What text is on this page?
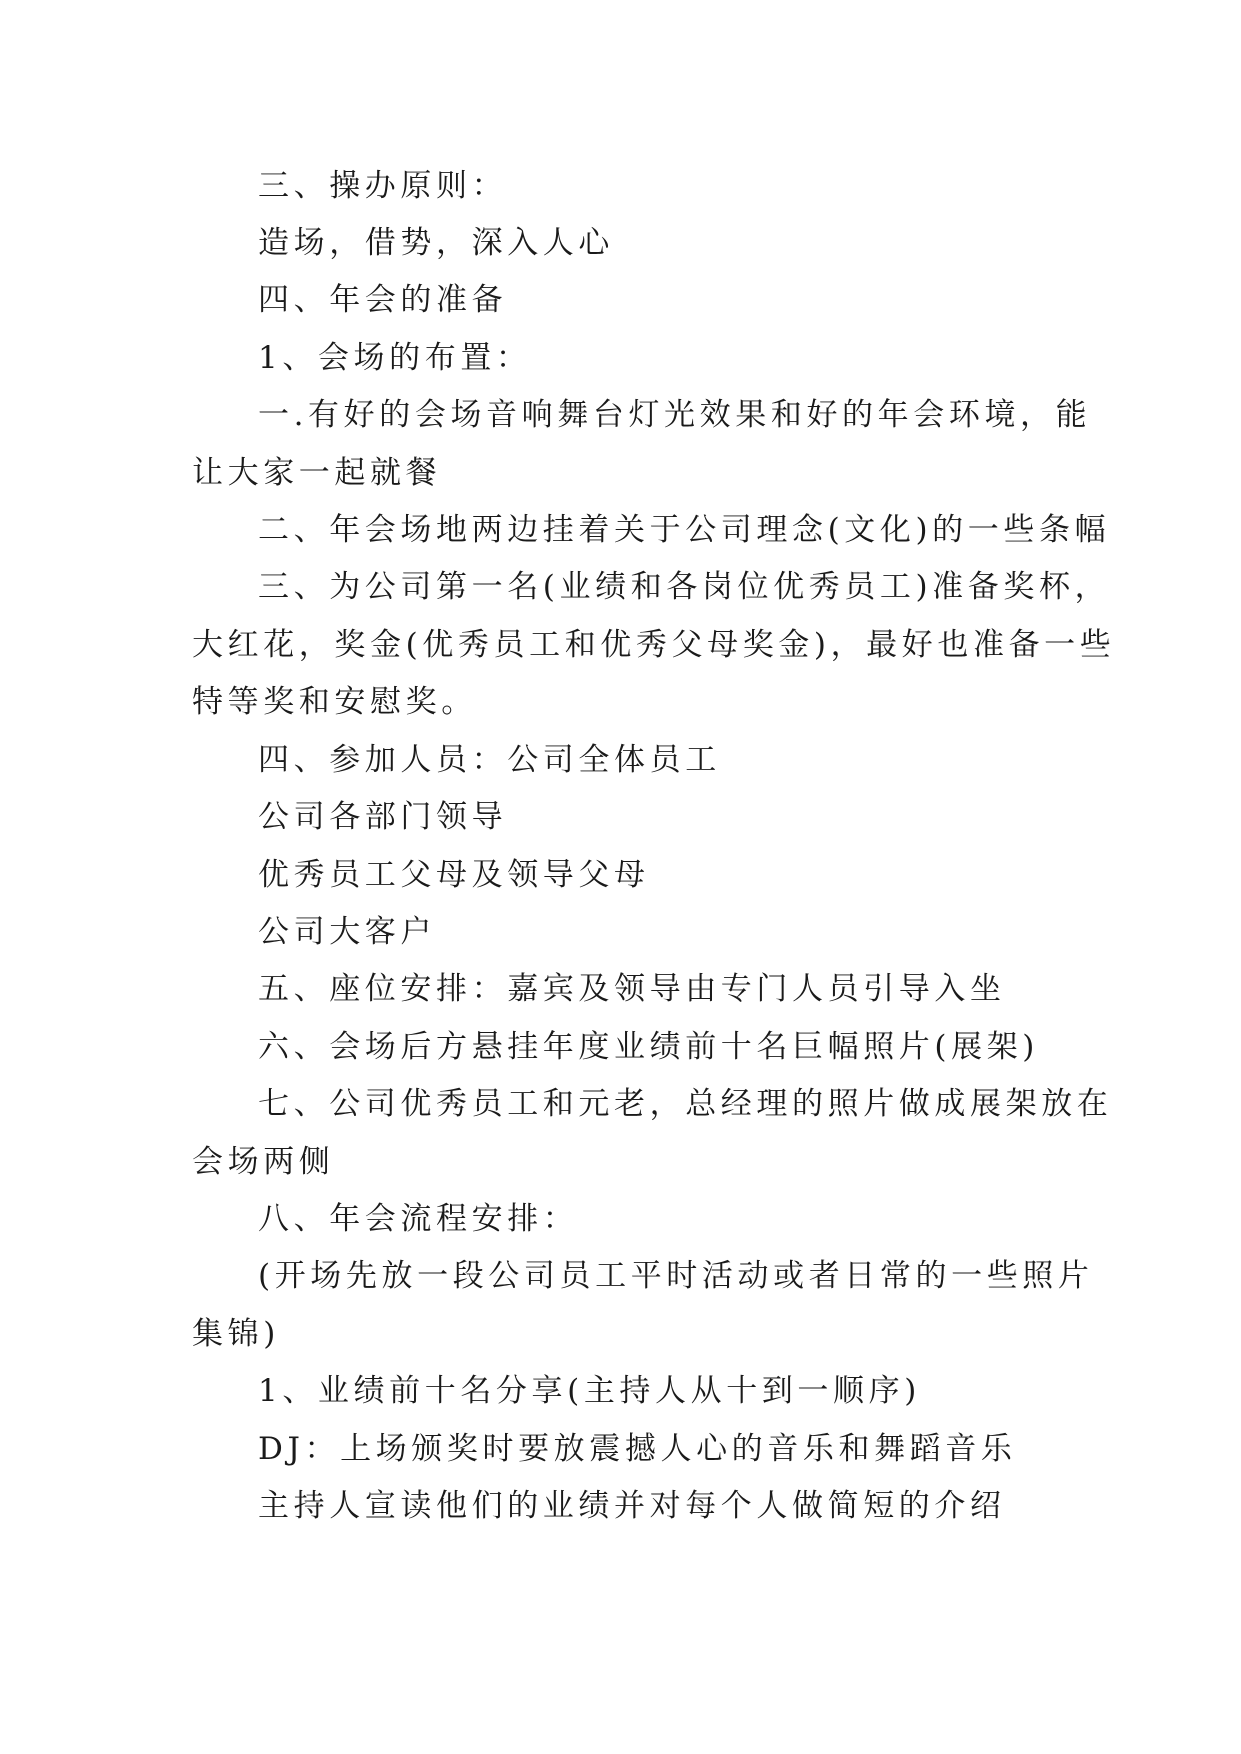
三、操办原则：
造场，借势，深入人心
四、年会的准备
1、会场的布置：
一.有好的会场音响舞台灯光效果和好的年会环境，能
让大家一起就餐
二、年会场地两边挂着关于公司理念(文化)的一些条幅
三、为公司第一名(业绩和各岗位优秀员工)准备奖杯，
大红花，奖金(优秀员工和优秀父母奖金)，最好也准备一些
特等奖和安慰奖。
四、参加人员：公司全体员工
公司各部门领导
优秀员工父母及领导父母
公司大客户
五、座位安排：嘉宾及领导由专门人员引导入坐
六、会场后方悬挂年度业绩前十名巨幅照片(展架)
七、公司优秀员工和元老，总经理的照片做成展架放在
会场两侧
八、年会流程安排：
(开场先放一段公司员工平时活动或者日常的一些照片
集锦)
1、业绩前十名分享(主持人从十到一顺序)
DJ：上场颁奖时要放震撼人心的音乐和舞蹈音乐
主持人宣读他们的业绩并对每个人做简短的介绍
